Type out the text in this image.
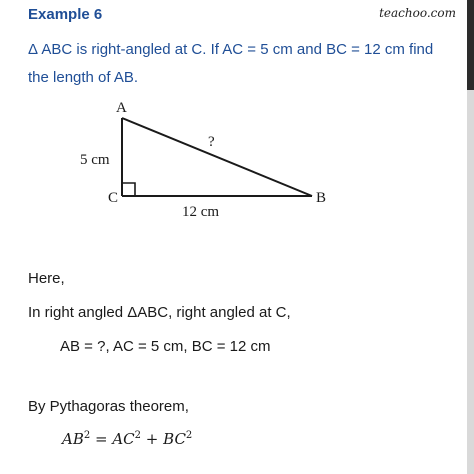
Example 6	teachoo.com
Δ ABC is right-angled at C. If AC = 5 cm and BC = 12 cm find the length of AB.
A
C	B
5 cm
12 cm
?
Here,
In right angled ΔABC, right angled at C,
AB = ?, AC = 5 cm, BC = 12 cm
By Pythagoras theorem,
$AB^2 = AC^2 + BC^2$
